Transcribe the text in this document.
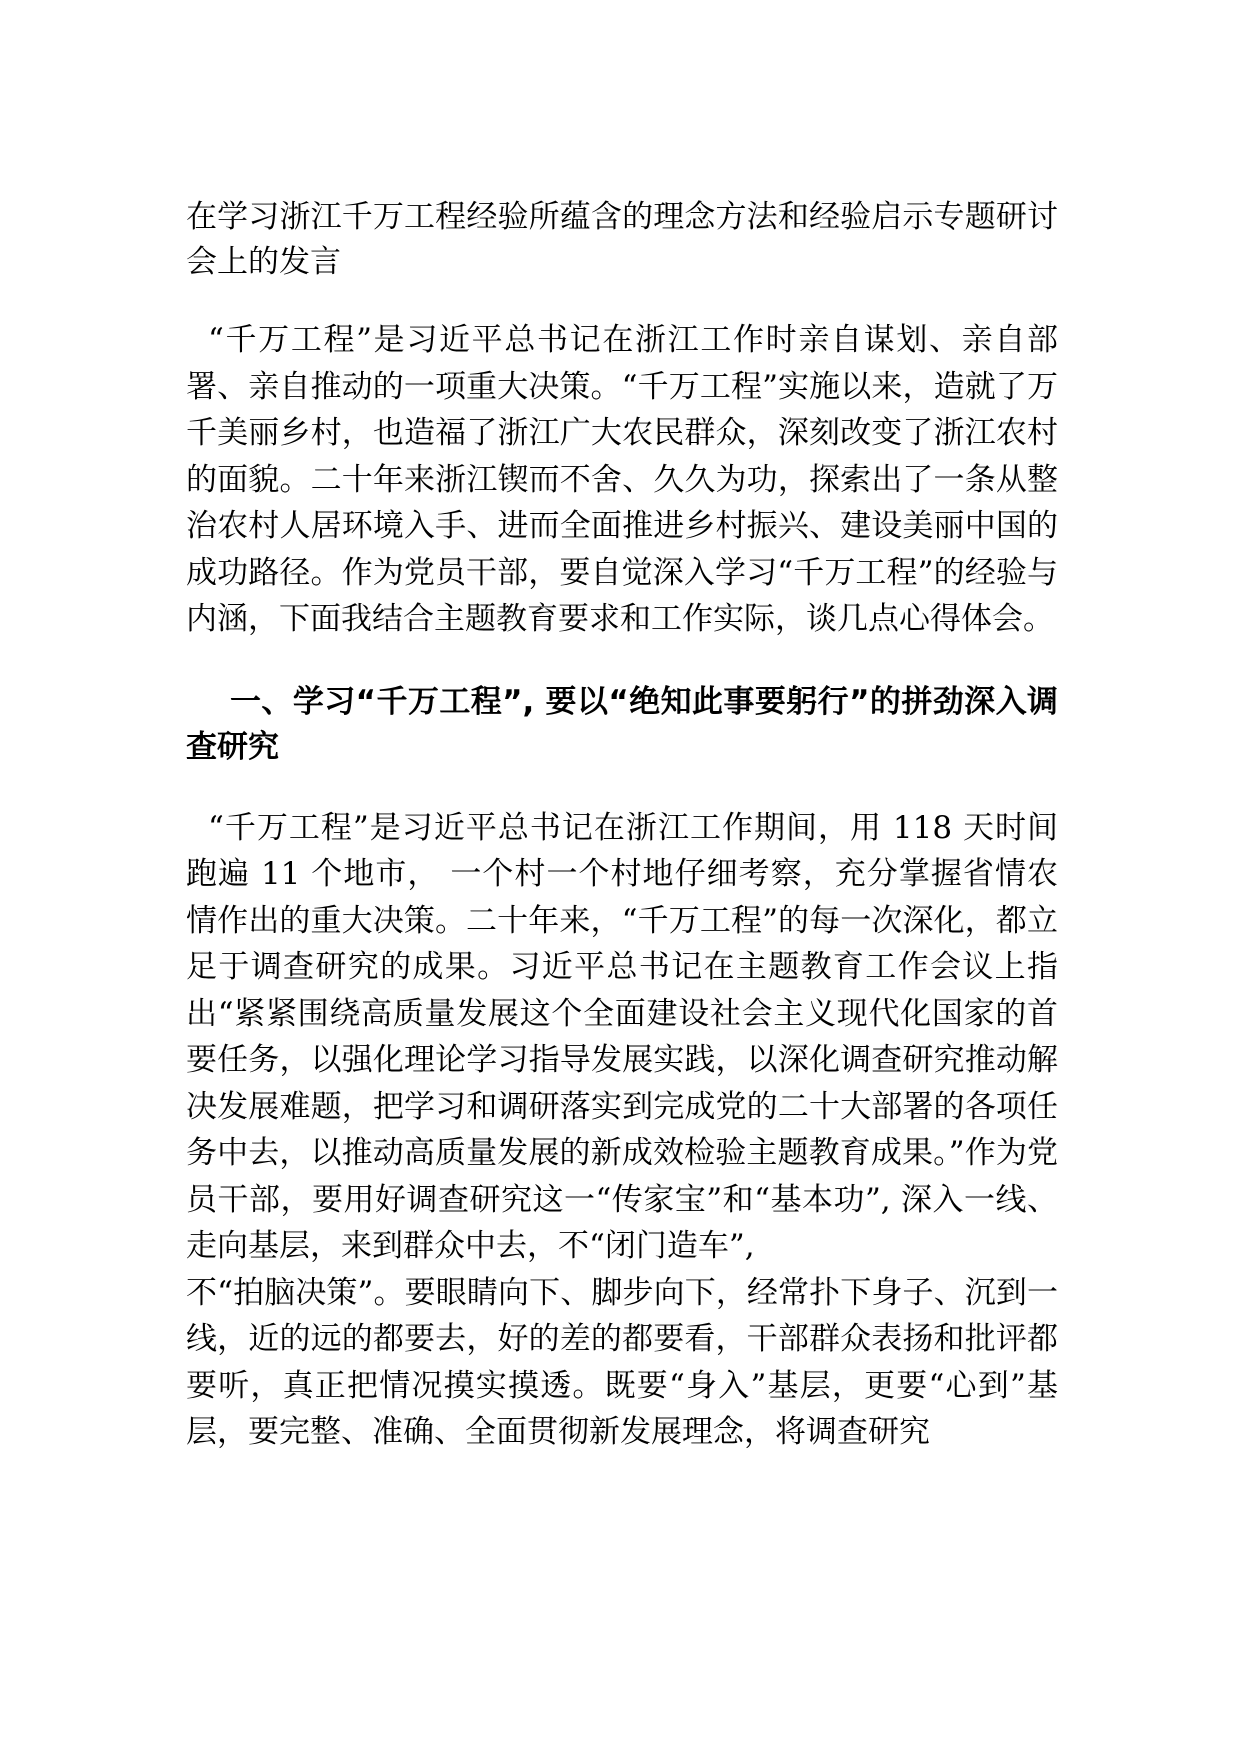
在学习浙江千万工程经验所蕴含的理念方法和经验启示专题研讨会上的发言

“千万工程”是习近平总书记在浙江工作时亲自谋划、亲自部署、亲自推动的一项重大决策。“千万工程”实施以来，造就了万千美丽乡村，也造福了浙江广大农民群众，深刻改变了浙江农村的面貌。二十年来浙江锲而不舍、久久为功，探索出了一条从整治农村人居环境入手、进而全面推进乡村振兴、建设美丽中国的成功路径。作为党员干部，要自觉深入学习“千万工程”的经验与内涵，下面我结合主题教育要求和工作实际，谈几点心得体会。

一、学习“千万工程”, 要以“绝知此事要躬行”的拼劲深入调查研究

“千万工程”是习近平总书记在浙江工作期间，用 118 天时间跑遍 11 个地市， 一个村一个村地仔细考察，充分掌握省情农情作出的重大决策。二十年来，“千万工程”的每一次深化，都立足于调查研究的成果。习近平总书记在主题教育工作会议上指出“紧紧围绕高质量发展这个全面建设社会主义现代化国家的首要任务，以强化理论学习指导发展实践，以深化调查研究推动解决发展难题，把学习和调研落实到完成党的二十大部署的各项任务中去，以推动高质量发展的新成效检验主题教育成果。”作为党员干部，要用好调查研究这一“传家宝”和“基本功”, 深入一线、走向基层，来到群众中去，不“闭门造车”,

不“拍脑决策”。要眼睛向下、脚步向下，经常扑下身子、沉到一线，近的远的都要去，好的差的都要看，干部群众表扬和批评都要听，真正把情况摸实摸透。既要“身入”基层，更要“心到”基层，要完整、准确、全面贯彻新发展理念，将调查研究
